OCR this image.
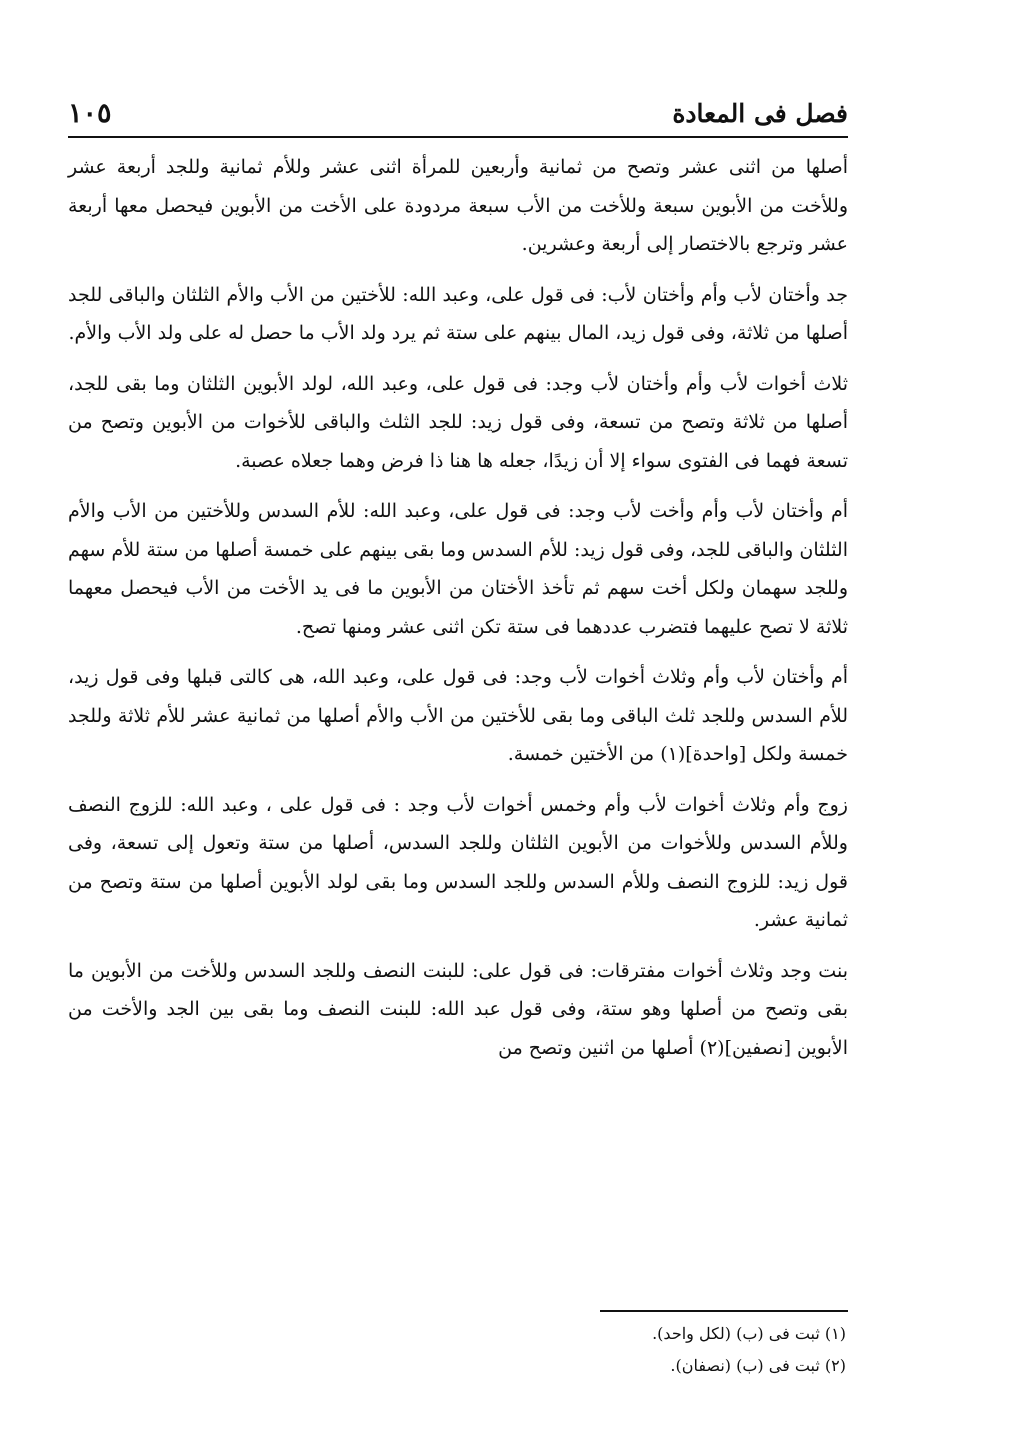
فصل فى المعادة
١٠٥

أصلها من اثنى عشر وتصح من ثمانية وأربعين للمرأة اثنى عشر وللأم ثمانية وللجد أربعة عشر وللأخت من الأبوين سبعة وللأخت من الأب سبعة مردودة على الأخت من الأبوين فيحصل معها أربعة عشر وترجع بالاختصار إلى أربعة وعشرين.

جد وأختان لأب وأم وأختان لأب: فى قول على، وعبد الله: للأختين من الأب والأم الثلثان والباقى للجد أصلها من ثلاثة، وفى قول زيد، المال بينهم على ستة ثم يرد ولد الأب ما حصل له على ولد الأب والأم.

ثلاث أخوات لأب وأم وأختان لأب وجد: فى قول على، وعبد الله، لولد الأبوين الثلثان وما بقى للجد، أصلها من ثلاثة وتصح من تسعة، وفى قول زيد: للجد الثلث والباقى للأخوات من الأبوين وتصح من تسعة فهما فى الفتوى سواء إلا أن زيدًا، جعله ها هنا ذا فرض وهما جعلاه عصبة.

أم وأختان لأب وأم وأخت لأب وجد: فى قول على، وعبد الله: للأم السدس وللأختين من الأب والأم الثلثان والباقى للجد، وفى قول زيد: للأم السدس وما بقى بينهم على خمسة أصلها من ستة للأم سهم وللجد سهمان ولكل أخت سهم ثم تأخذ الأختان من الأبوين ما فى يد الأخت من الأب فيحصل معهما ثلاثة لا تصح عليهما فتضرب عددهما فى ستة تكن اثنى عشر ومنها تصح.

أم وأختان لأب وأم وثلاث أخوات لأب وجد: فى قول على، وعبد الله، هى كالتى قبلها وفى قول زيد، للأم السدس وللجد ثلث الباقى وما بقى للأختين من الأب والأم أصلها من ثمانية عشر للأم ثلاثة وللجد خمسة ولكل [واحدة](١) من الأختين خمسة.

زوج وأم وثلاث أخوات لأب وأم وخمس أخوات لأب وجد : فى قول على ، وعبد الله: للزوج النصف وللأم السدس وللأخوات من الأبوين الثلثان وللجد السدس، أصلها من ستة وتعول إلى تسعة، وفى قول زيد: للزوج النصف وللأم السدس وللجد السدس وما بقى لولد الأبوين أصلها من ستة وتصح من ثمانية عشر.

بنت وجد وثلاث أخوات مفترقات: فى قول على: للبنت النصف وللجد السدس وللأخت من الأبوين ما بقى وتصح من أصلها وهو ستة، وفى قول عبد الله: للبنت النصف وما بقى بين الجد والأخت من الأبوين [نصفين](٢) أصلها من اثنين وتصح من

(١) ثبت فى (ب) (لكل واحد).

(٢) ثبت فى (ب) (نصفان).
